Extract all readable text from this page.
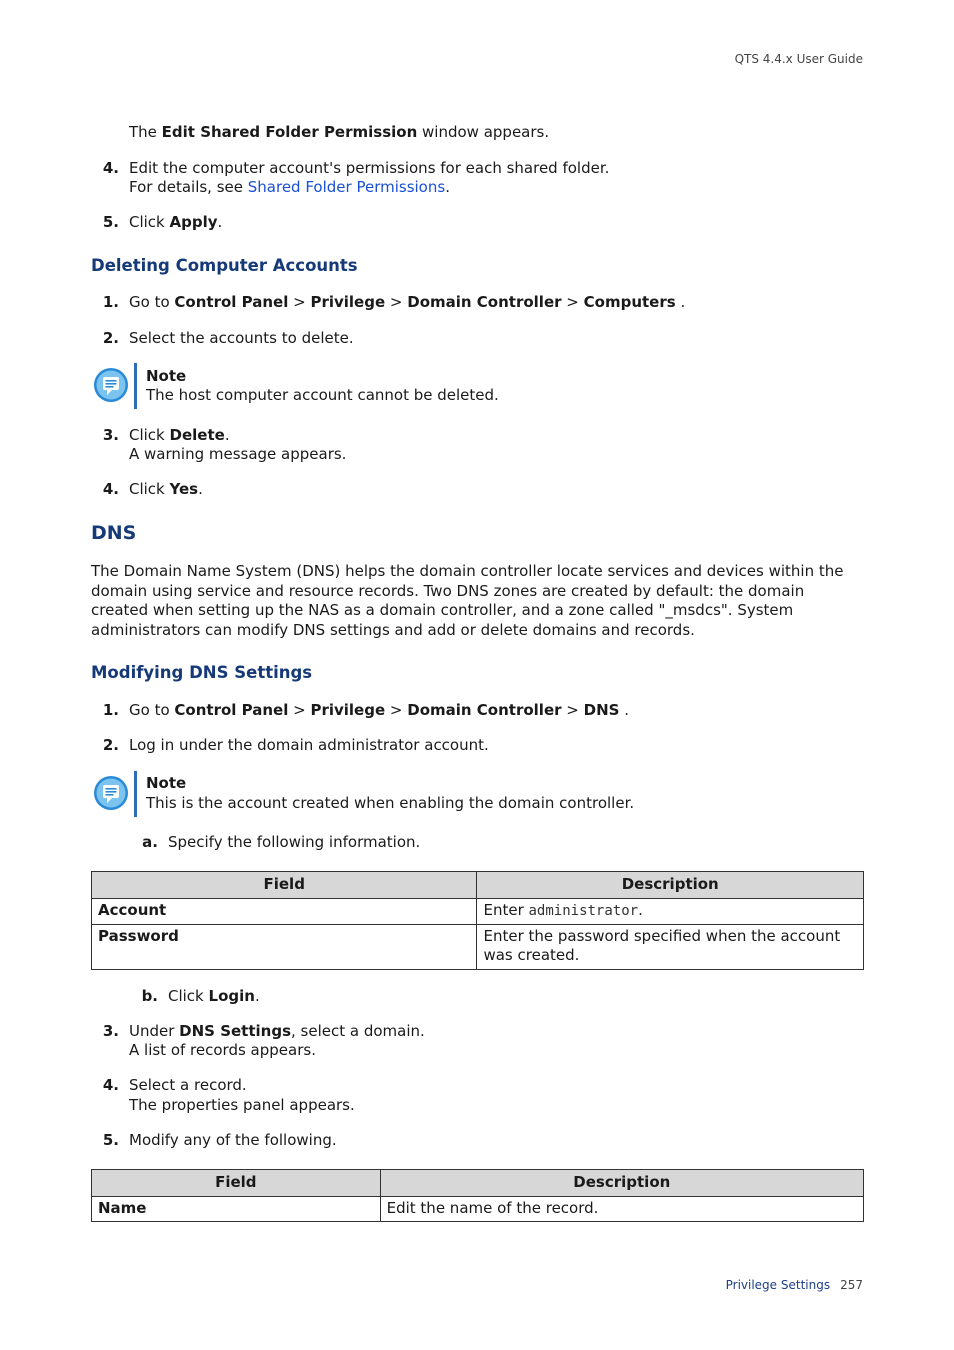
QTS 4.4.x User Guide
The Edit Shared Folder Permission window appears.
4. Edit the computer account's permissions for each shared folder.
For details, see Shared Folder Permissions.
5. Click Apply.
Deleting Computer Accounts
1. Go to Control Panel > Privilege > Domain Controller > Computers .
2. Select the accounts to delete.
Note
The host computer account cannot be deleted.
3. Click Delete.
A warning message appears.
4. Click Yes.
DNS
The Domain Name System (DNS) helps the domain controller locate services and devices within the domain using service and resource records. Two DNS zones are created by default: the domain created when setting up the NAS as a domain controller, and a zone called "_msdcs". System administrators can modify DNS settings and add or delete domains and records.
Modifying DNS Settings
1. Go to Control Panel > Privilege > Domain Controller > DNS .
2. Log in under the domain administrator account.
Note
This is the account created when enabling the domain controller.
a. Specify the following information.
Field	Description
Account	Enter administrator.
Password	Enter the password specified when the account was created.
b. Click Login.
3. Under DNS Settings, select a domain.
A list of records appears.
4. Select a record.
The properties panel appears.
5. Modify any of the following.
Field	Description
Name	Edit the name of the record.
Privilege Settings 257
